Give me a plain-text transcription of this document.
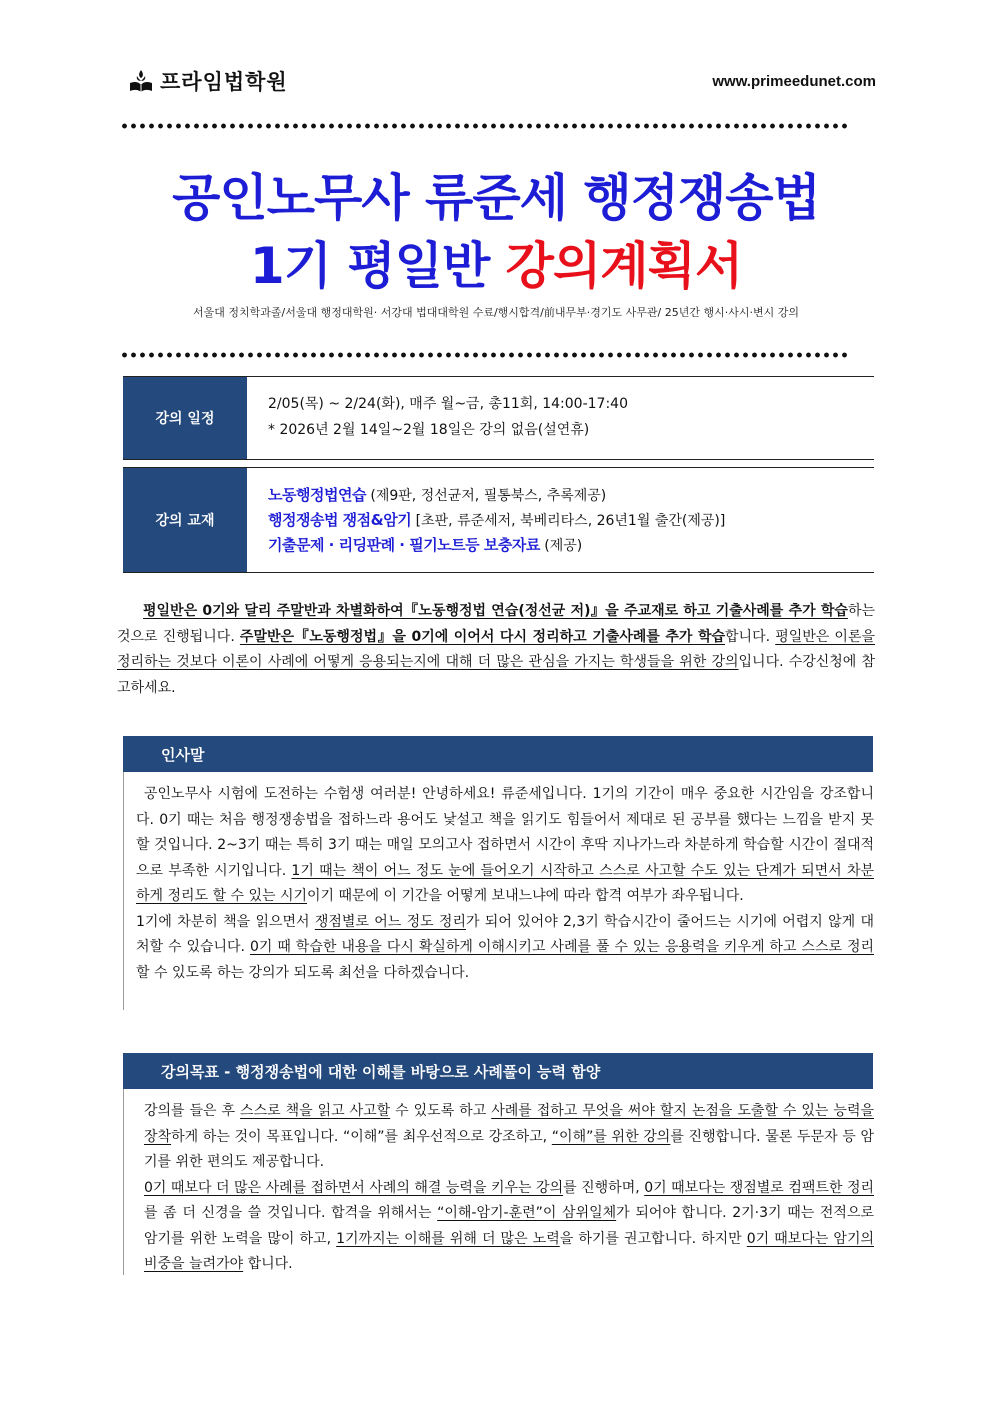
프라임법학원	www.primeedunet.com
공인노무사 류준세 행정쟁송법
1기 평일반 강의계획서
서울대 정치학과졸/서울대 행정대학원· 서강대 법대대학원 수료/행시합격/前내무부·경기도 사무관/ 25년간 행시·사시·변시 강의
강의 일정
2/05(목) ~ 2/24(화), 매주 월~금, 총11회, 14:00-17:40
* 2026년 2월 14일~2월 18일은 강의 없음(설연휴)
강의 교재
노동행정법연습 (제9판, 정선균저, 필통북스, 추록제공)
행정쟁송법 쟁점&암기 [초판, 류준세저, 북베리타스, 26년1월 출간(제공)]
기출문제 · 리딩판례 · 필기노트등 보충자료 (제공)
평일반은 0기와 달리 주말반과 차별화하여『노동행정법 연습(정선균 저)』을 주교재로 하고 기출사례를 추가 학습하는 것으로 진행됩니다. 주말반은『노동행정법』을 0기에 이어서 다시 정리하고 기출사례를 추가 학습합니다. 평일반은 이론을 정리하는 것보다 이론이 사례에 어떻게 응용되는지에 대해 더 많은 관심을 가지는 학생들을 위한 강의입니다. 수강신청에 참고하세요.
인사말
공인노무사 시험에 도전하는 수험생 여러분! 안녕하세요! 류준세입니다. 1기의 기간이 매우 중요한 시간임을 강조합니다. 0기 때는 처음 행정쟁송법을 접하느라 용어도 낯설고 책을 읽기도 힘들어서 제대로 된 공부를 했다는 느낌을 받지 못할 것입니다. 2~3기 때는 특히 3기 때는 매일 모의고사 접하면서 시간이 후딱 지나가느라 차분하게 학습할 시간이 절대적으로 부족한 시기입니다. 1기 때는 책이 어느 정도 눈에 들어오기 시작하고 스스로 사고할 수도 있는 단계가 되면서 차분하게 정리도 할 수 있는 시기이기 때문에 이 기간을 어떻게 보내느냐에 따라 합격 여부가 좌우됩니다.
1기에 차분히 책을 읽으면서 쟁점별로 어느 정도 정리가 되어 있어야 2,3기 학습시간이 줄어드는 시기에 어렵지 않게 대처할 수 있습니다. 0기 때 학습한 내용을 다시 확실하게 이해시키고 사례를 풀 수 있는 응용력을 키우게 하고 스스로 정리할 수 있도록 하는 강의가 되도록 최선을 다하겠습니다.
강의목표 - 행정쟁송법에 대한 이해를 바탕으로 사례풀이 능력 함양
강의를 들은 후 스스로 책을 읽고 사고할 수 있도록 하고 사례를 접하고 무엇을 써야 할지 논점을 도출할 수 있는 능력을 장착하게 하는 것이 목표입니다. “이해”를 최우선적으로 강조하고, “이해”를 위한 강의를 진행합니다. 물론 두문자 등 암기를 위한 편의도 제공합니다.
0기 때보다 더 많은 사례를 접하면서 사례의 해결 능력을 키우는 강의를 진행하며, 0기 때보다는 쟁점별로 컴팩트한 정리를 좀 더 신경을 쓸 것입니다. 합격을 위해서는 “이해-암기-훈련”이 삼위일체가 되어야 합니다. 2기·3기 때는 전적으로 암기를 위한 노력을 많이 하고, 1기까지는 이해를 위해 더 많은 노력을 하기를 권고합니다. 하지만 0기 때보다는 암기의 비중을 늘려가야 합니다.
